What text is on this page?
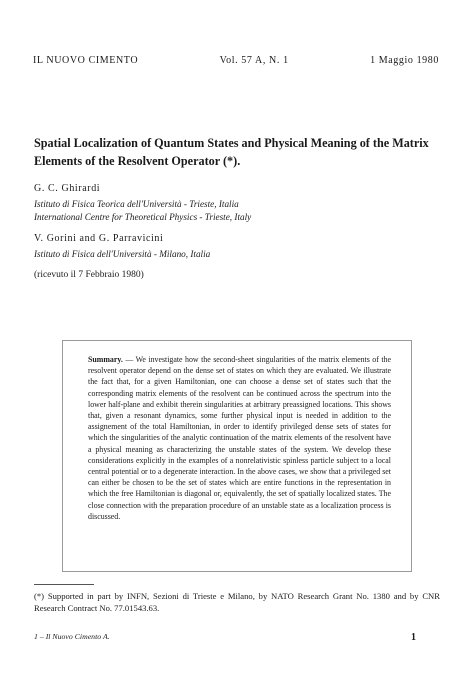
IL NUOVO CIMENTO	Vol. 57 A, N. 1	1 Maggio 1980
Spatial Localization of Quantum States and Physical Meaning of the Matrix Elements of the Resolvent Operator (*).
G. C. Ghirardi
Istituto di Fisica Teorica dell'Università - Trieste, Italia
International Centre for Theoretical Physics - Trieste, Italy
V. Gorini and G. Parravicini
Istituto di Fisica dell'Università - Milano, Italia
(ricevuto il 7 Febbraio 1980)
Summary. — We investigate how the second-sheet singularities of the matrix elements of the resolvent operator depend on the dense set of states on which they are evaluated. We illustrate the fact that, for a given Hamiltonian, one can choose a dense set of states such that the corresponding matrix elements of the resolvent can be continued across the spectrum into the lower half-plane and exhibit therein singularities at arbitrary preassigned locations. This shows that, given a resonant dynamics, some further physical input is needed in addition to the assignement of the total Hamiltonian, in order to identify privileged dense sets of states for which the singularities of the analytic continuation of the matrix elements of the resolvent have a physical meaning as characterizing the unstable states of the system. We develop these considerations explicitly in the examples of a nonrelativistic spinless particle subject to a local central potential or to a degenerate interaction. In the above cases, we show that a privileged set can either be chosen to be the set of states which are entire functions in the representation in which the free Hamiltonian is diagonal or, equivalently, the set of spatially localized states. The close connection with the preparation procedure of an unstable state as a localization process is discussed.
(*) Supported in part by INFN, Sezioni di Trieste e Milano, by NATO Research Grant No. 1380 and by CNR Research Contract No. 77.01543.63.
1 – Il Nuovo Cimento A.	1
